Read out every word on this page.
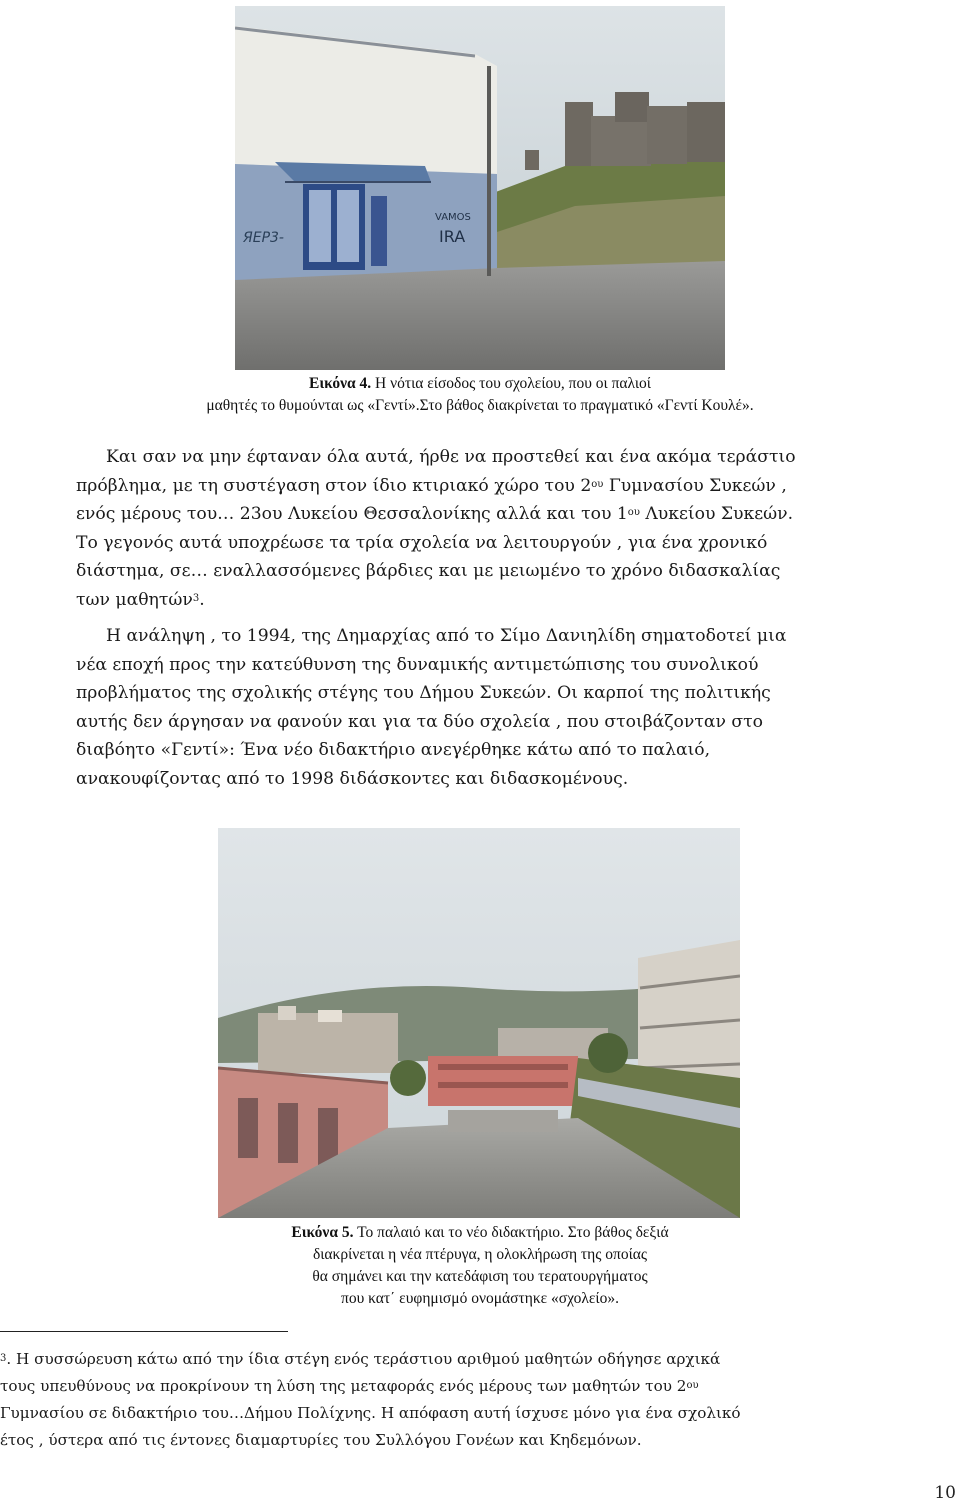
ЯЕР3-
VAMOS
IRA
Εικόνα 4. Η νότια είσοδος του σχολείου, που οι παλιοί
μαθητές το θυμούνται ως «Γεντί».Στο βάθος διακρίνεται το πραγματικό «Γεντί Κουλέ».

Και σαν να μην έφταναν όλα αυτά, ήρθε να προστεθεί και ένα ακόμα τεράστιο

πρόβλημα, με τη συστέγαση στον ίδιο κτιριακό χώρο του $2^{o\upsilon}$ Γυμνασίου Συκεών ,

ενός μέρους του… 23ου Λυκείου Θεσσαλονίκης αλλά και του $1^{o\upsilon}$ Λυκείου Συκεών.

Το γεγονός αυτά υποχρέωσε τα τρία σχολεία να λειτουργούν , για ένα χρονικό

διάστημα, σε… εναλλασσόμενες βάρδιες και με μειωμένο το χρόνο διδασκαλίας

των μαθητών$^3$.

Η ανάληψη , το 1994, της Δημαρχίας από το Σίμο Δανιηλίδη σηματοδοτεί μια

νέα εποχή προς την κατεύθυνση της δυναμικής αντιμετώπισης του συνολικού

προβλήματος της σχολικής στέγης του Δήμου Συκεών. Οι καρποί της πολιτικής

αυτής δεν άργησαν να φανούν και για τα δύο σχολεία , που στοιβάζονταν στο

διαβόητο «Γεντί»: Ένα νέο διδακτήριο ανεγέρθηκε κάτω από το παλαιό,

ανακουφίζοντας από το 1998 διδάσκοντες και διδασκομένους.

Εικόνα 5. Το παλαιό και το νέο διδακτήριο. Στο βάθος δεξιά
διακρίνεται η νέα πτέρυγα, η ολοκλήρωση της οποίας
θα σημάνει και την κατεδάφιση του τερατουργήματος
που κατ΄ ευφημισμό ονομάστηκε «σχολείο».

$^3$. Η συσσώρευση κάτω από την ίδια στέγη ενός τεράστιου αριθμού μαθητών οδήγησε αρχικά

τους υπευθύνους να προκρίνουν τη λύση της μεταφοράς ενός μέρους των μαθητών του $2^{o\upsilon}$

Γυμνασίου σε διδακτήριο του…Δήμου Πολίχνης. Η απόφαση αυτή ίσχυσε μόνο για ένα σχολικό

έτος , ύστερα από τις έντονες διαμαρτυρίες του Συλλόγου Γονέων και Κηδεμόνων.

10
